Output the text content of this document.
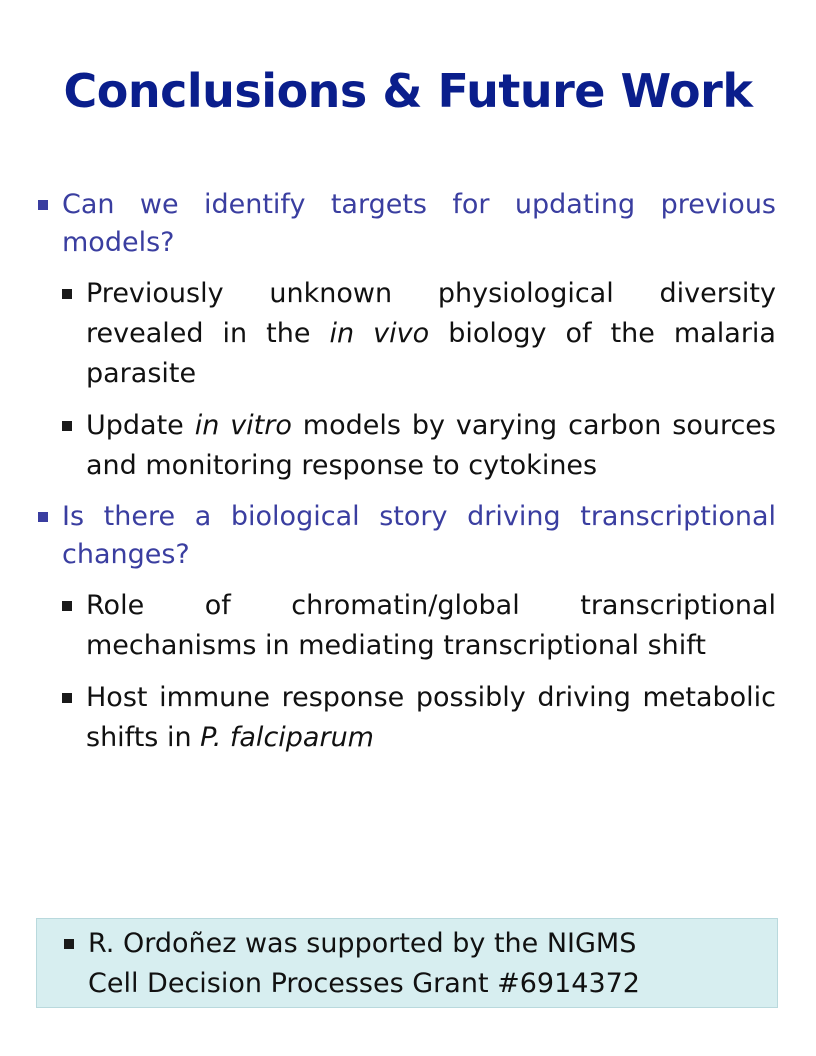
Conclusions & Future Work
Can we identify targets for updating previous models?
Previously unknown physiological diversity revealed in the in vivo biology of the malaria parasite
Update in vitro models by varying carbon sources and monitoring response to cytokines
Is there a biological story driving transcriptional changes?
Role of chromatin/global transcriptional mechanisms in mediating transcriptional shift
Host immune response possibly driving metabolic shifts in P. falciparum
R. Ordoñez was supported by the NIGMS
Cell Decision Processes Grant #6914372
